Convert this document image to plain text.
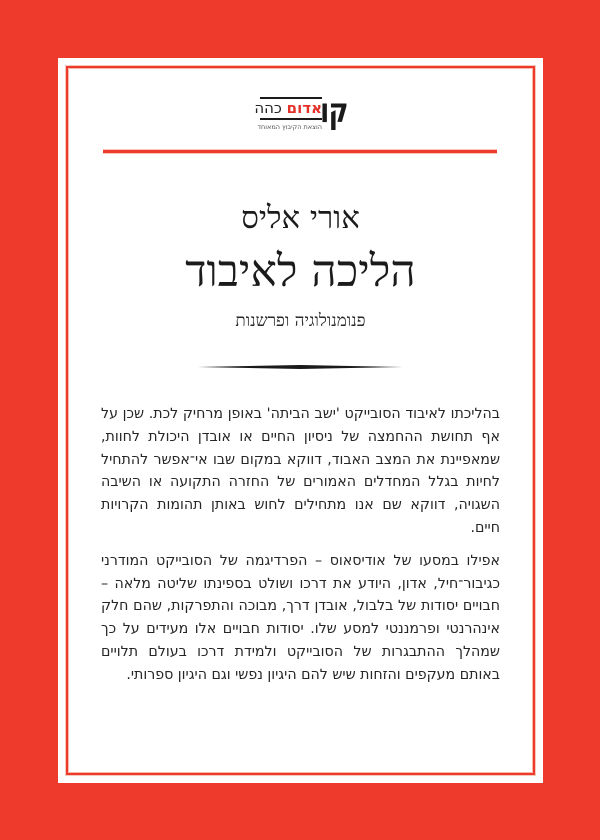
קו
אדום כהה
הוצאת הקיבוץ המאוחד
אורי אליס
הליכה לאיבוד
פנומנולוגיה ופרשנות

בהליכתו לאיבוד הסובייקט 'ישב הביתה' באופן מרחיק לכת. שכן על אף תחושת ההחמצה של ניסיון החיים או אובדן היכולת לחוות, שמאפיינת את המצב האבוד, דווקא במקום שבו אי־אפשר להתחיל לחיות בגלל המחדלים האמורים של החזרה התקועה או השיבה השגויה, דווקא שם אנו מתחילים לחוש באותן תהומות הקרויות חיים.

אפילו במסעו של אודיסאוס – הפרדיגמה של הסובייקט המודרני כגיבור־חיל, אדון, היודע את דרכו ושולט בספינתו שליטה מלאה – חבויים יסודות של בלבול, אובדן דרך, מבוכה והתפרקות, שהם חלק אינהרנטי ופרמננטי למסע שלו. יסודות חבויים אלו מעידים על כך שמהלך ההתבגרות של הסובייקט ולמידת דרכו בעולם תלויים באותם מעקפים והזחות שיש להם היגיון נפשי וגם היגיון ספרותי.
